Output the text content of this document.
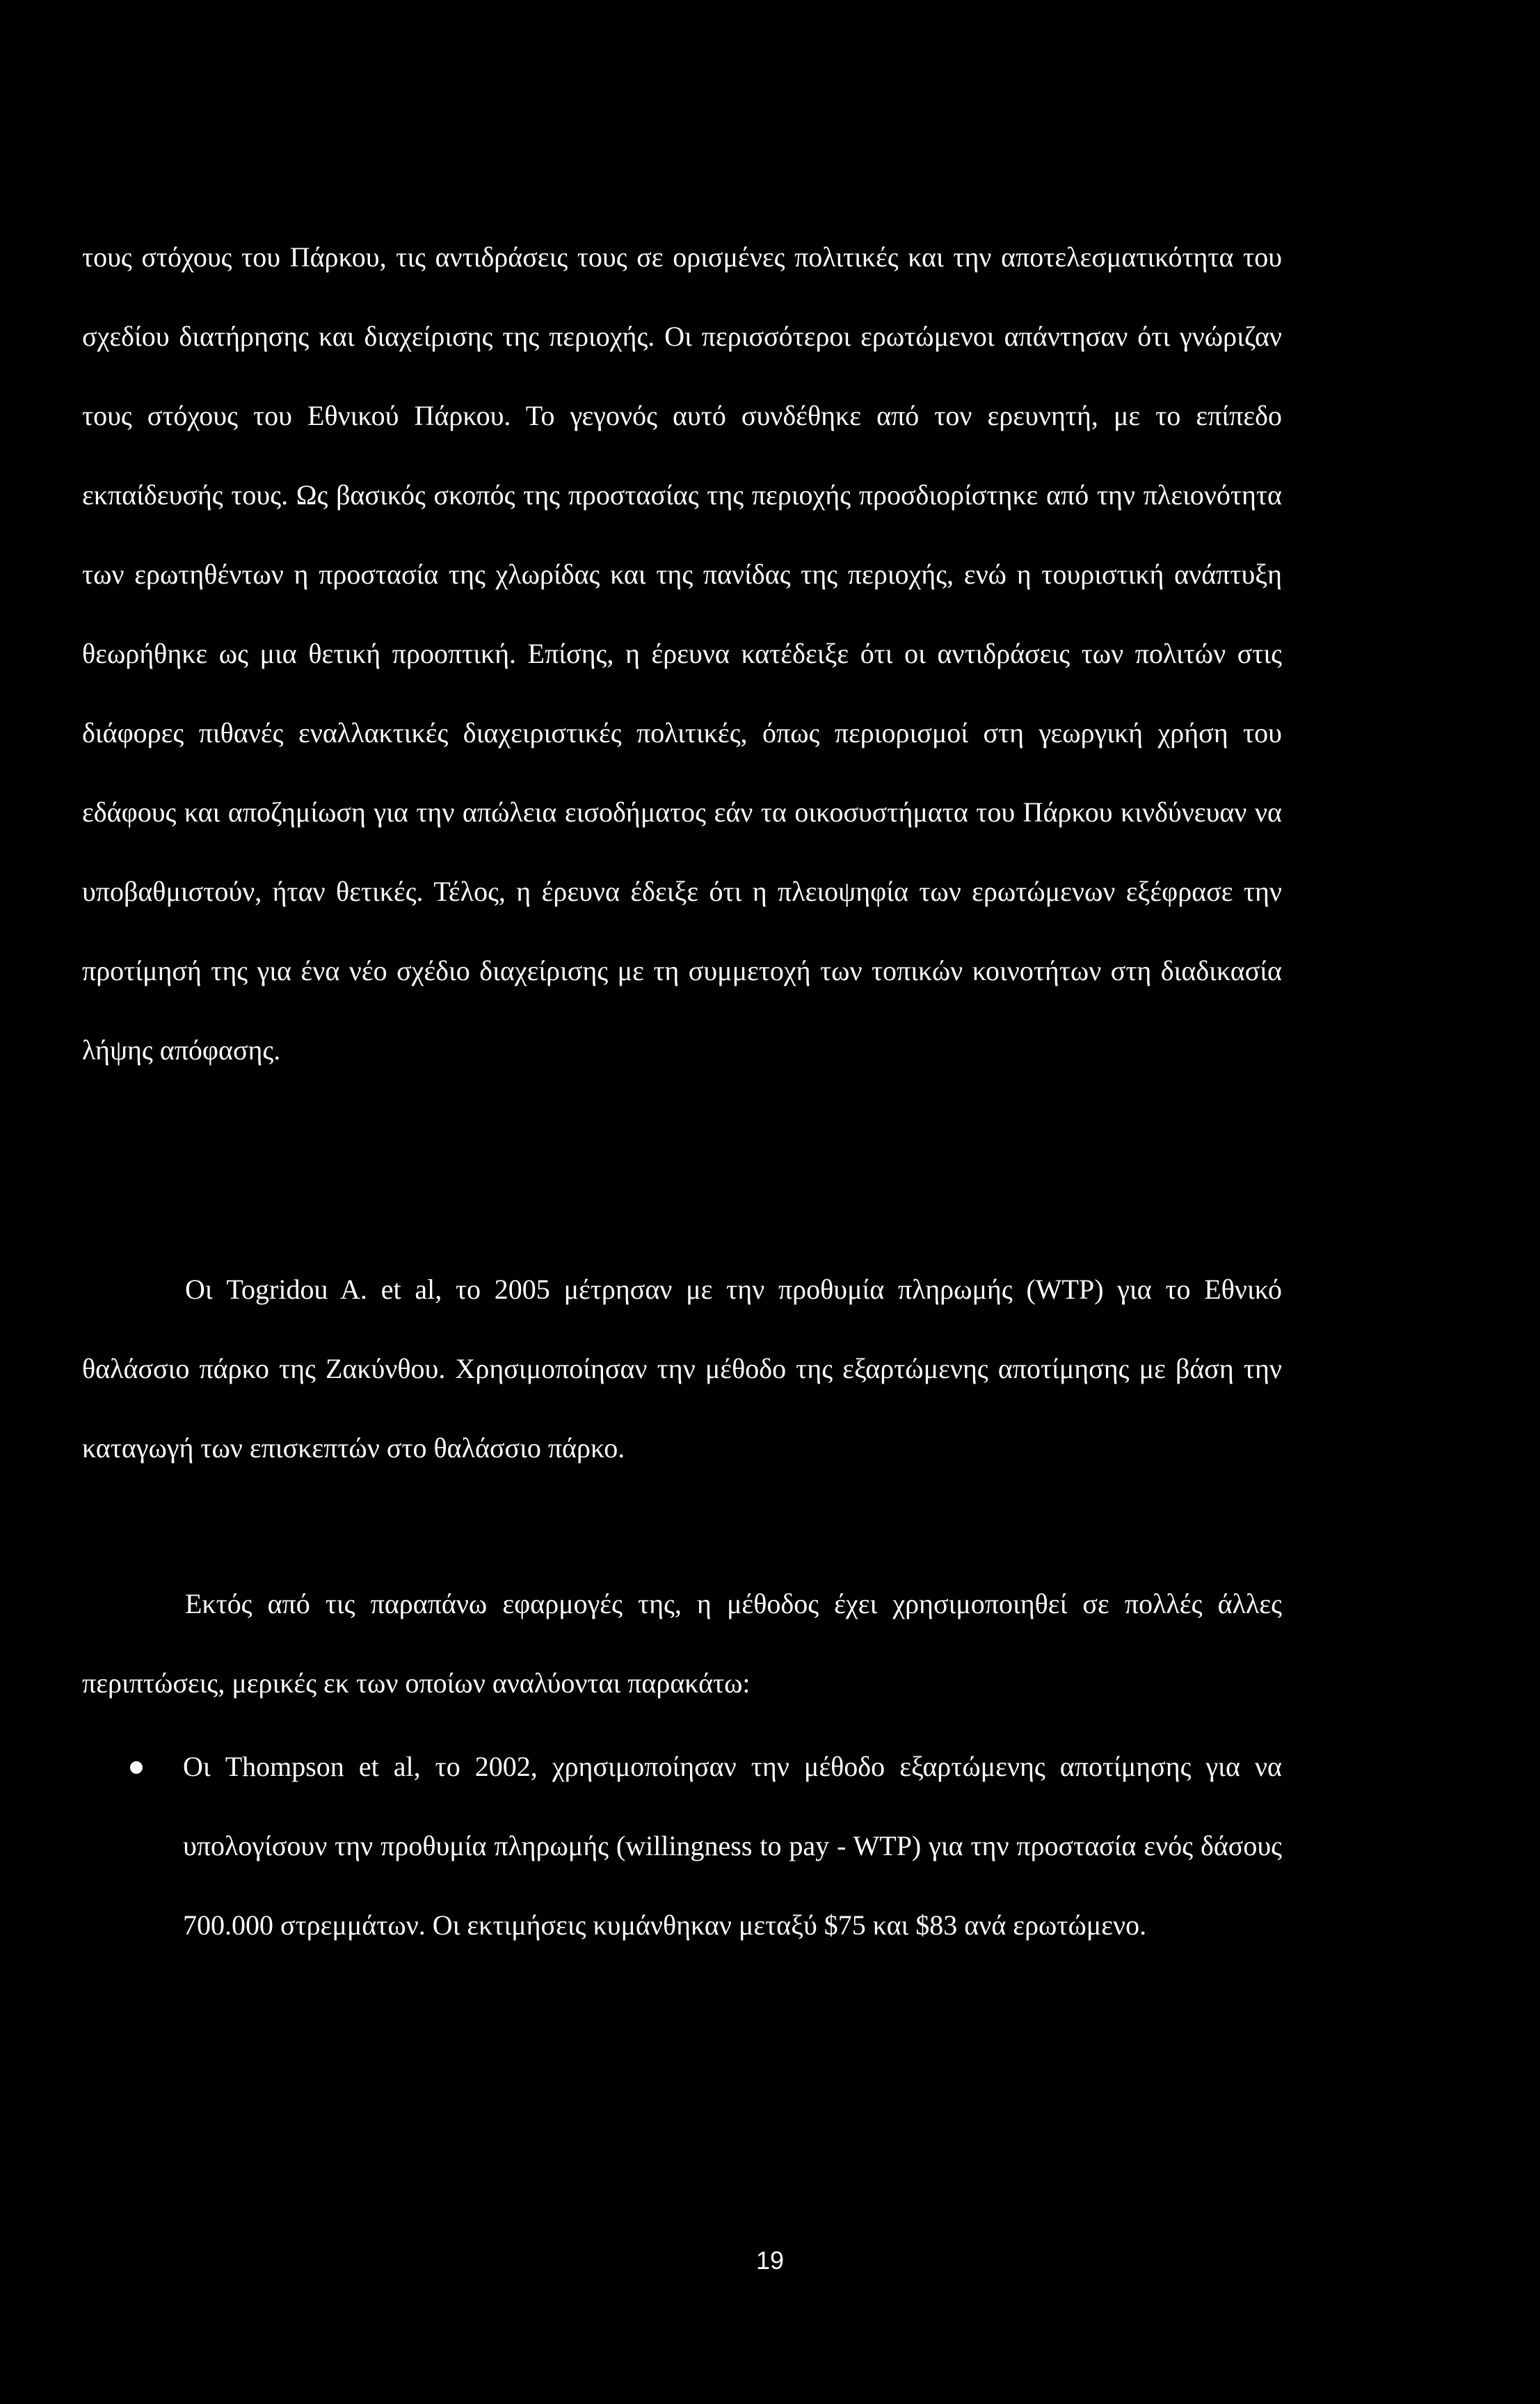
τους στόχους του Πάρκου, τις αντιδράσεις τους σε ορισμένες πολιτικές και την αποτελεσματικότητα του σχεδίου διατήρησης και διαχείρισης της περιοχής. Οι περισσότεροι ερωτώμενοι απάντησαν ότι γνώριζαν τους στόχους του Εθνικού Πάρκου. Το γεγονός αυτό συνδέθηκε από τον ερευνητή, με το επίπεδο εκπαίδευσής τους. Ως βασικός σκοπός της προστασίας της περιοχής προσδιορίστηκε από την πλειονότητα των ερωτηθέντων η προστασία της χλωρίδας και της πανίδας της περιοχής, ενώ η τουριστική ανάπτυξη θεωρήθηκε ως μια θετική προοπτική. Επίσης, η έρευνα κατέδειξε ότι οι αντιδράσεις των πολιτών στις διάφορες πιθανές εναλλακτικές διαχειριστικές πολιτικές, όπως περιορισμοί στη γεωργική χρήση του εδάφους και αποζημίωση για την απώλεια εισοδήματος εάν τα οικοσυστήματα του Πάρκου κινδύνευαν να υποβαθμιστούν, ήταν θετικές. Τέλος, η έρευνα έδειξε ότι η πλειοψηφία των ερωτώμενων εξέφρασε την προτίμησή της για ένα νέο σχέδιο διαχείρισης με τη συμμετοχή των τοπικών κοινοτήτων στη διαδικασία λήψης απόφασης.

Οι Togridou A. et al, το 2005 μέτρησαν με την προθυμία πληρωμής (WTP) για το Εθνικό θαλάσσιο πάρκο της Ζακύνθου. Χρησιμοποίησαν την μέθοδο της εξαρτώμενης αποτίμησης με βάση την καταγωγή των επισκεπτών στο θαλάσσιο πάρκο.

Εκτός από τις παραπάνω εφαρμογές της, η μέθοδος έχει χρησιμοποιηθεί σε πολλές άλλες περιπτώσεις, μερικές εκ των οποίων αναλύονται παρακάτω:

Οι Thompson et al, το 2002, χρησιμοποίησαν την μέθοδο εξαρτώμενης αποτίμησης για να υπολογίσουν την προθυμία πληρωμής (willingness to pay - WTP) για την προστασία ενός δάσους 700.000 στρεμμάτων. Οι εκτιμήσεις κυμάνθηκαν μεταξύ $75 και $83 ανά ερωτώμενο.

19
